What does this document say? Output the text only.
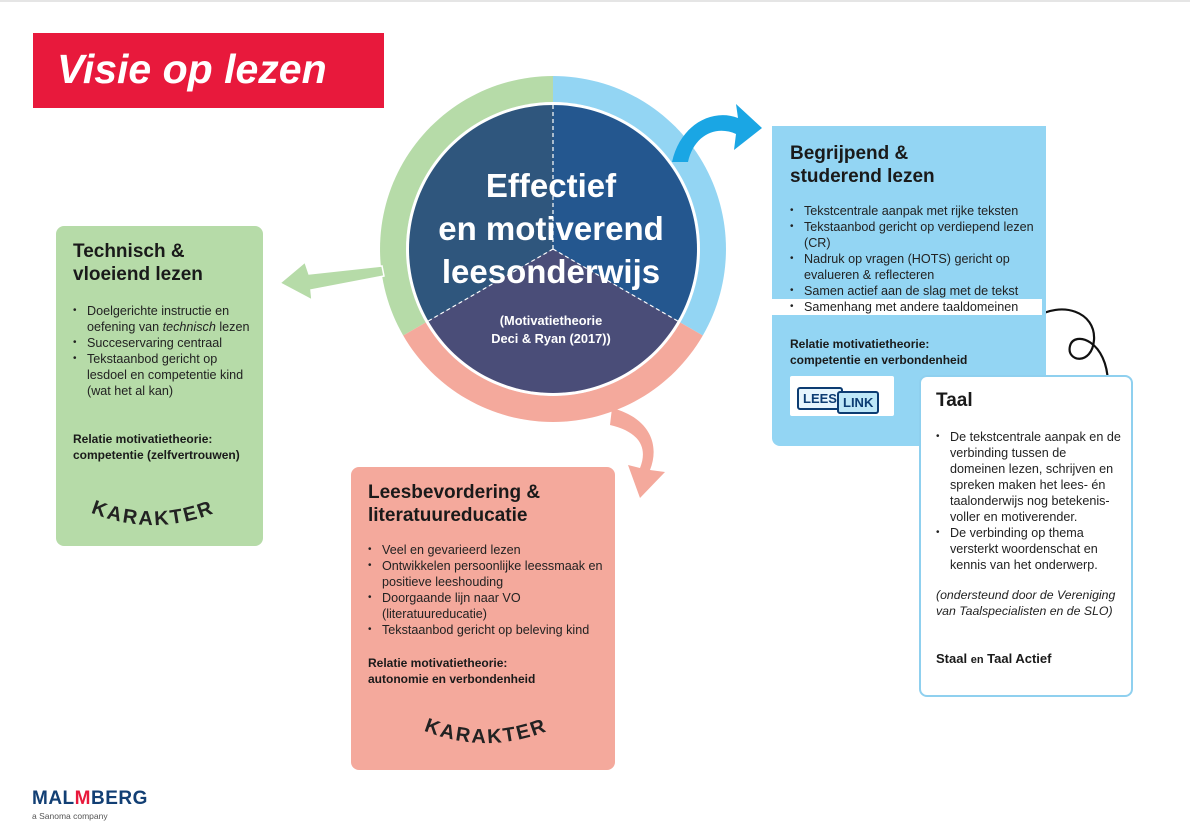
Visie op lezen
Effectief
en motiverend
leesonderwijs
(Motivatietheorie
Deci & Ryan (2017))
Technisch &
vloeiend lezen
• Doelgerichte instructie en oefening van technisch lezen
• Succeservaring centraal
• Tekstaanbod gericht op lesdoel en competentie kind (wat het al kan)
Relatie motivatietheorie:
competentie (zelfvertrouwen)
KARAKTER
Begrijpend &
studerend lezen
• Tekstcentrale aanpak met rijke teksten
• Tekstaanbod gericht op verdiepend lezen (CR)
• Nadruk op vragen (HOTS) gericht op evalueren & reflecteren
• Samen actief aan de slag met de tekst
• Samenhang met andere taaldomeinen
Relatie motivatietheorie:
competentie en verbondenheid
LEES LINK
Leesbevordering &
literatuureducatie
• Veel en gevarieerd lezen
• Ontwikkelen persoonlijke leessmaak en positieve leeshouding
• Doorgaande lijn naar VO (literatuureducatie)
• Tekstaanbod gericht op beleving kind
Relatie motivatietheorie:
autonomie en verbondenheid
KARAKTER
Taal
• De tekstcentrale aanpak en de verbinding tussen de domeinen lezen, schrijven en spreken maken het lees- én taalonderwijs nog betekenis-voller en motiverender.
• De verbinding op thema versterkt woordenschat en kennis van het onderwerp.
(ondersteund door de Vereniging van Taalspecialisten en de SLO)
Staal en Taal Actief
MALMBERG
a Sanoma company
